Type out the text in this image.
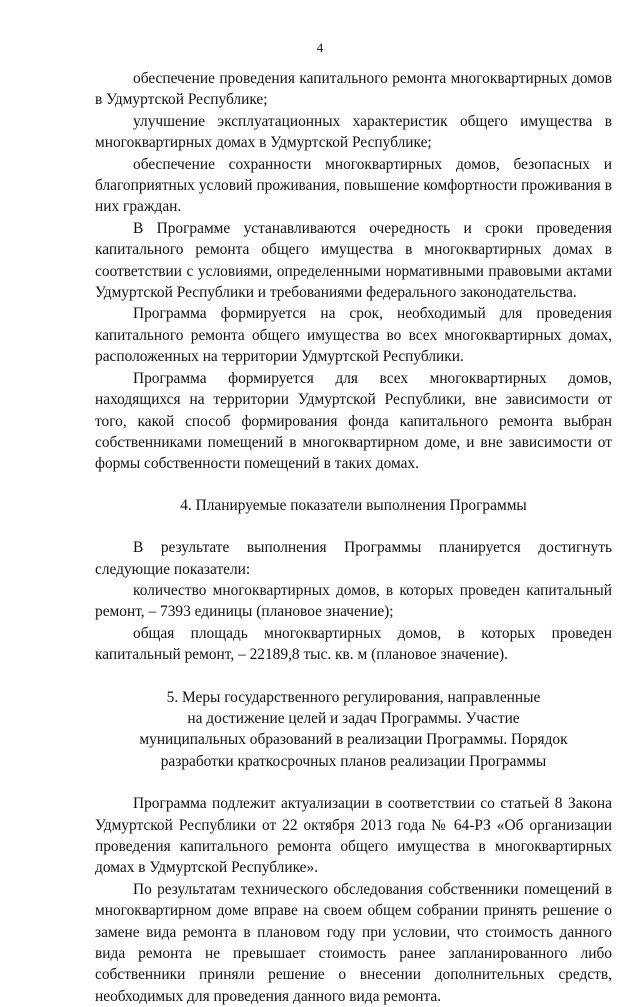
4

обеспечение проведения капитального ремонта многоквартирных домов в Удмуртской Республике;

улучшение эксплуатационных характеристик общего имущества в многоквартирных домах в Удмуртской Республике;

обеспечение сохранности многоквартирных домов, безопасных и благоприятных условий проживания, повышение комфортности проживания в них граждан.

В Программе устанавливаются очередность и сроки проведения капитального ремонта общего имущества в многоквартирных домах в соответствии с условиями, определенными нормативными правовыми актами Удмуртской Республики и требованиями федерального законодательства.

Программа формируется на срок, необходимый для проведения капитального ремонта общего имущества во всех многоквартирных домах, расположенных на территории Удмуртской Республики.

Программа формируется для всех многоквартирных домов, находящихся на территории Удмуртской Республики, вне зависимости от того, какой способ формирования фонда капитального ремонта выбран собственниками помещений в многоквартирном доме, и вне зависимости от формы собственности помещений в таких домах.

4. Планируемые показатели выполнения Программы

В результате выполнения Программы планируется достигнуть следующие показатели:

количество многоквартирных домов, в которых проведен капитальный ремонт, – 7393 единицы (плановое значение);

общая площадь многоквартирных домов, в которых проведен капитальный ремонт, – 22189,8 тыс. кв. м (плановое значение).

5. Меры государственного регулирования, направленные
на достижение целей и задач Программы. Участие
муниципальных образований в реализации Программы. Порядок
разработки краткосрочных планов реализации Программы

Программа подлежит актуализации в соответствии со статьей 8 Закона Удмуртской Республики от 22 октября 2013 года № 64-РЗ «Об организации проведения капитального ремонта общего имущества в многоквартирных домах в Удмуртской Республике».

По результатам технического обследования собственники помещений в многоквартирном доме вправе на своем общем собрании принять решение о замене вида ремонта в плановом году при условии, что стоимость данного вида ремонта не превышает стоимость ранее запланированного либо собственники приняли решение о внесении дополнительных средств, необходимых для проведения данного вида ремонта.
